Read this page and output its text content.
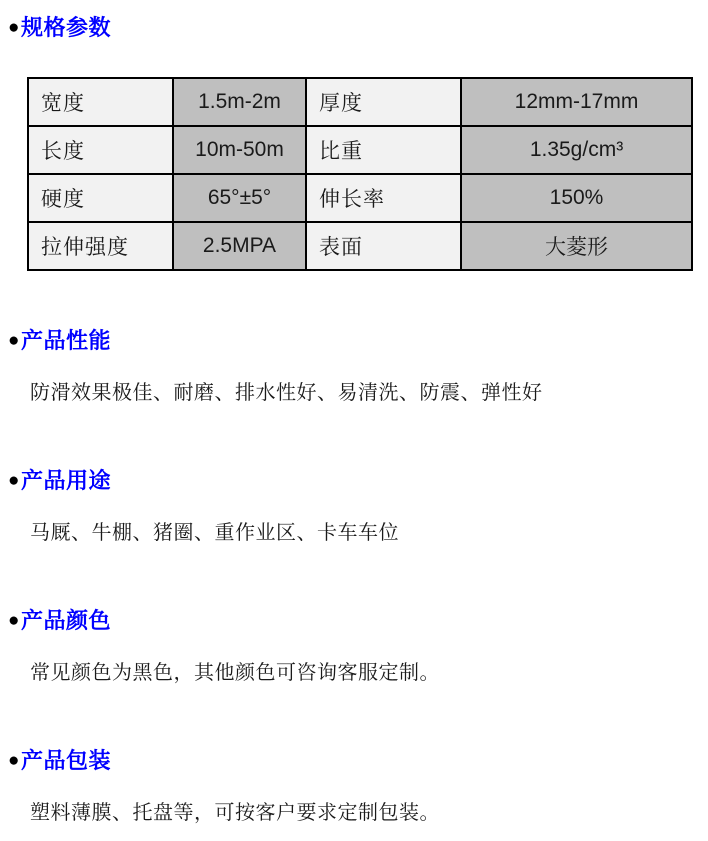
● 规格参数
宽度	1.5m-2m	厚度	12mm-17mm
长度	10m-50m	比重	1.35g/cm³
硬度	65°±5°	伸长率	150%
拉伸强度	2.5MPA	表面	大菱形
● 产品性能

防滑效果极佳、耐磨、排水性好、易清洗、防震、弹性好

● 产品用途

马厩、牛棚、猪圈、重作业区、卡车车位

● 产品颜色

常见颜色为黑色，其他颜色可咨询客服定制。

● 产品包装

塑料薄膜、托盘等，可按客户要求定制包装。
